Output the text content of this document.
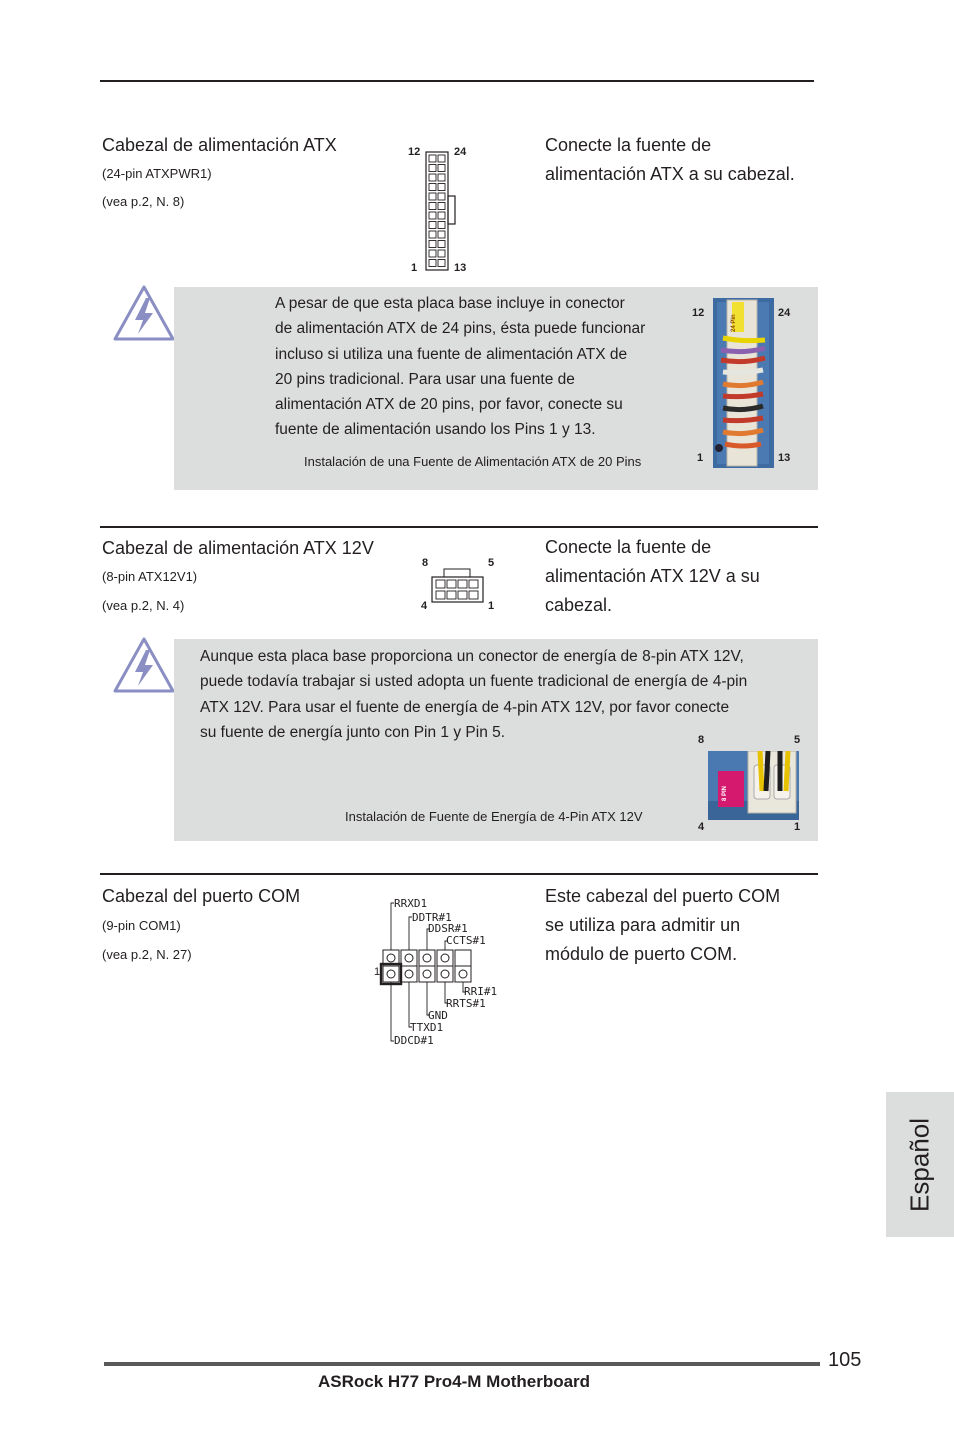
Cabezal de alimentación ATX
(24-pin ATXPWR1)
(vea p.2, N. 8)
12	24
1	13
Conecte la fuente de
alimentación ATX a su cabezal.
A pesar de que esta placa base incluye in conector
de alimentación ATX de 24 pins, ésta puede funcionar
incluso si utiliza una fuente de alimentación ATX de
20 pins tradicional. Para usar una fuente de
alimentación ATX de 20 pins, por favor, conecte su
fuente de alimentación usando los Pins 1 y 13.
Instalación de una Fuente de Alimentación ATX de 20 Pins
12	24
1	13
24 Pin
Cabezal de alimentación ATX 12V
(8-pin ATX12V1)
(vea p.2, N. 4)
8	5
4	1
Conecte la fuente de
alimentación ATX 12V a su
cabezal.
Aunque esta placa base proporciona un conector de energía de 8-pin ATX 12V,
puede todavía trabajar si usted adopta un fuente tradicional de energía de 4-pin
ATX 12V. Para usar el fuente de energía de 4-pin ATX 12V, por favor conecte
su fuente de energía junto con Pin 1 y Pin 5.
Instalación de Fuente de Energía de 4-Pin ATX 12V
8	5
4	1
8 PIN
Cabezal del puerto COM
(9-pin COM1)
(vea p.2, N. 27)
1
RRXD1
DDTR#1
DDSR#1
CCTS#1
RRI#1
RRTS#1
GND
TTXD1
DDCD#1
Este cabezal del puerto COM
se utiliza para admitir un
módulo de puerto COM.
Español
105
ASRock H77 Pro4-M Motherboard
